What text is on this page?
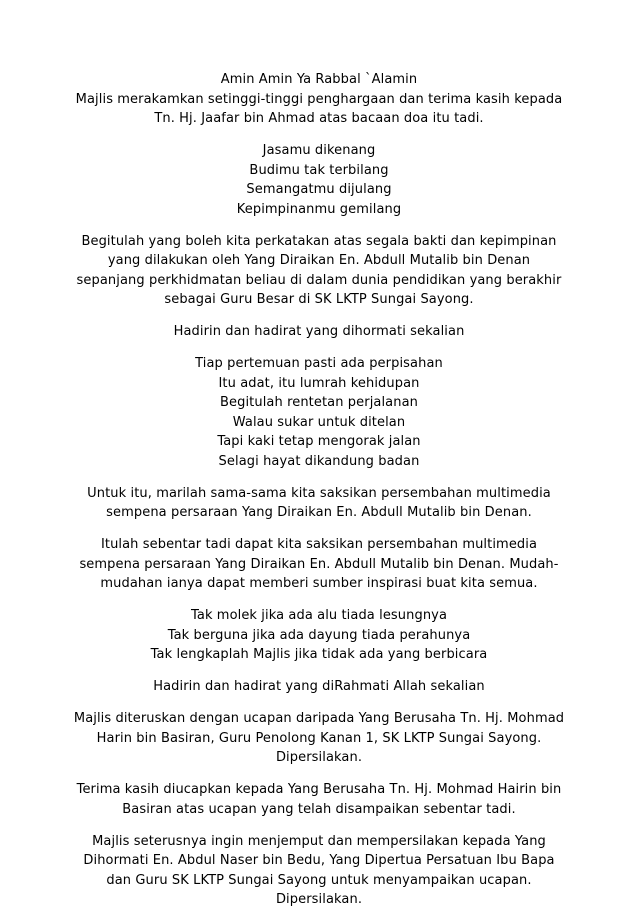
Amin Amin Ya Rabbal `Alamin
Majlis merakamkan setinggi-tinggi penghargaan dan terima kasih kepada
Tn. Hj. Jaafar bin Ahmad atas bacaan doa itu tadi.
Jasamu dikenang
Budimu tak terbilang
Semangatmu dijulang
Kepimpinanmu gemilang
Begitulah yang boleh kita perkatakan atas segala bakti dan kepimpinan
yang dilakukan oleh Yang Diraikan En. Abdull Mutalib bin Denan
sepanjang perkhidmatan beliau di dalam dunia pendidikan yang berakhir
sebagai Guru Besar di SK LKTP Sungai Sayong.
Hadirin dan hadirat yang dihormati sekalian
Tiap pertemuan pasti ada perpisahan
Itu adat, itu lumrah kehidupan
Begitulah rentetan perjalanan
Walau sukar untuk ditelan
Tapi kaki tetap mengorak jalan
Selagi hayat dikandung badan
Untuk itu, marilah sama-sama kita saksikan persembahan multimedia
sempena persaraan Yang Diraikan En. Abdull Mutalib bin Denan.
Itulah sebentar tadi dapat kita saksikan persembahan multimedia
sempena persaraan Yang Diraikan En. Abdull Mutalib bin Denan. Mudah-
mudahan ianya dapat memberi sumber inspirasi buat kita semua.
Tak molek jika ada alu tiada lesungnya
Tak berguna jika ada dayung tiada perahunya
Tak lengkaplah Majlis jika tidak ada yang berbicara
Hadirin dan hadirat yang diRahmati Allah sekalian
Majlis diteruskan dengan ucapan daripada Yang Berusaha Tn. Hj. Mohmad
Harin bin Basiran, Guru Penolong Kanan 1, SK LKTP Sungai Sayong.
Dipersilakan.
Terima kasih diucapkan kepada Yang Berusaha Tn. Hj. Mohmad Hairin bin
Basiran atas ucapan yang telah disampaikan sebentar tadi.
Majlis seterusnya ingin menjemput dan mempersilakan kepada Yang
Dihormati En. Abdul Naser bin Bedu, Yang Dipertua Persatuan Ibu Bapa
dan Guru SK LKTP Sungai Sayong untuk menyampaikan ucapan.
Dipersilakan.
